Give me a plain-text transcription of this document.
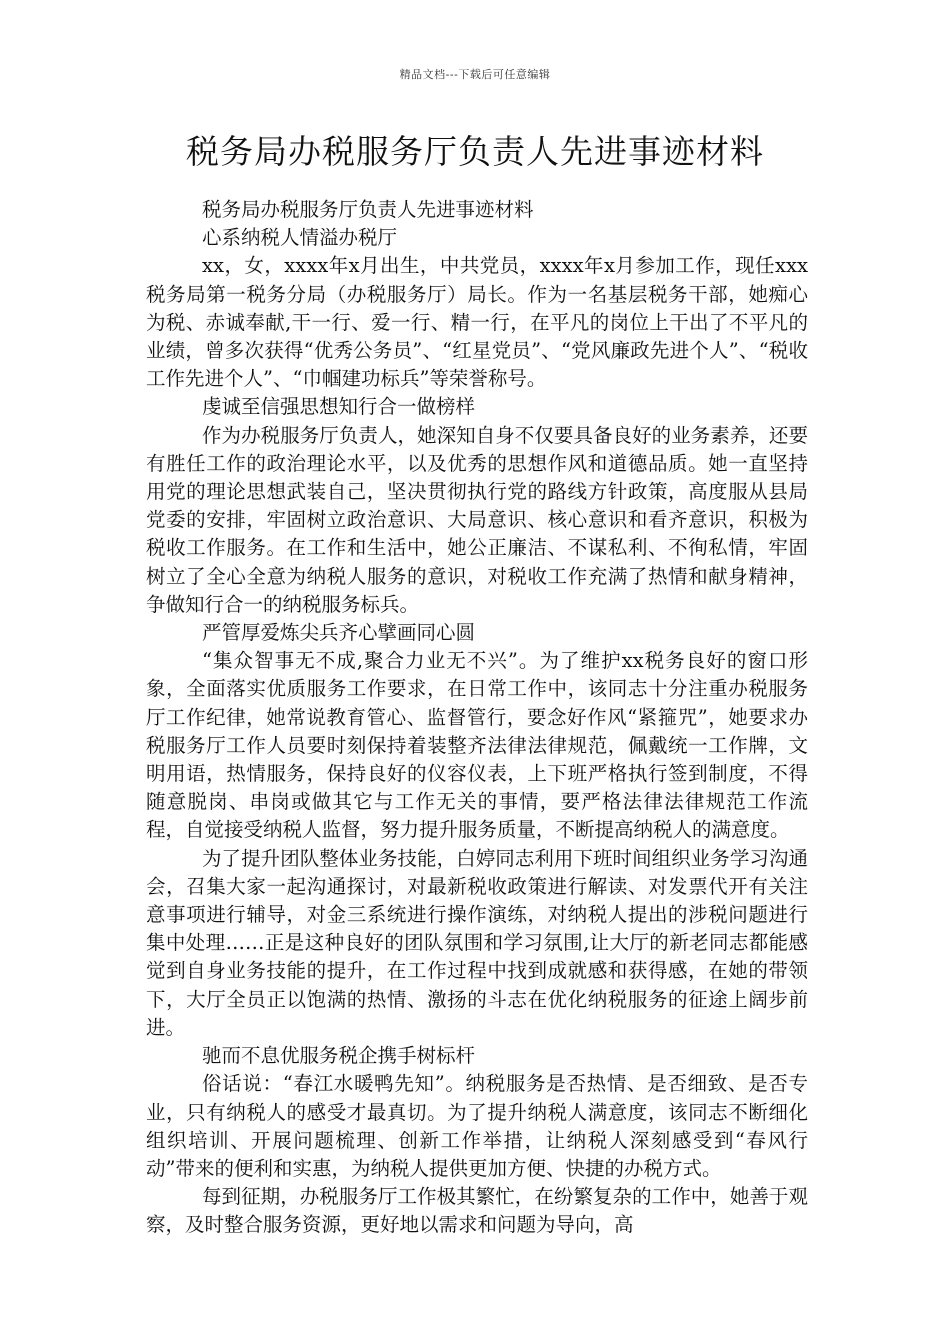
精品文档---下载后可任意编辑
税务局办税服务厅负责人先进事迹材料

税务局办税服务厅负责人先进事迹材料

心系纳税人情溢办税厅

xx，女，xxxx年x月出生，中共党员，xxxx年x月参加工作，现任xxx税务局第一税务分局（办税服务厅）局长。作为一名基层税务干部，她痴心为税、赤诚奉献,干一行、爱一行、精一行，在平凡的岗位上干出了不平凡的业绩，曾多次获得“优秀公务员”、“红星党员”、“党风廉政先进个人”、“税收工作先进个人”、“巾帼建功标兵”等荣誉称号。

虔诚至信强思想知行合一做榜样

作为办税服务厅负责人，她深知自身不仅要具备良好的业务素养，还要有胜任工作的政治理论水平，以及优秀的思想作风和道德品质。她一直坚持用党的理论思想武装自己，坚决贯彻执行党的路线方针政策，高度服从县局党委的安排，牢固树立政治意识、大局意识、核心意识和看齐意识，积极为税收工作服务。在工作和生活中，她公正廉洁、不谋私利、不徇私情，牢固树立了全心全意为纳税人服务的意识，对税收工作充满了热情和献身精神，争做知行合一的纳税服务标兵。

严管厚爱炼尖兵齐心擘画同心圆

“集众智事无不成,聚合力业无不兴”。为了维护xx税务良好的窗口形象，全面落实优质服务工作要求，在日常工作中，该同志十分注重办税服务厅工作纪律，她常说教育管心、监督管行，要念好作风“紧箍咒”，她要求办税服务厅工作人员要时刻保持着装整齐法律法律规范，佩戴统一工作牌，文明用语，热情服务，保持良好的仪容仪表，上下班严格执行签到制度，不得随意脱岗、串岗或做其它与工作无关的事情，要严格法律法律规范工作流程，自觉接受纳税人监督，努力提升服务质量，不断提高纳税人的满意度。

为了提升团队整体业务技能，白婷同志利用下班时间组织业务学习沟通会，召集大家一起沟通探讨，对最新税收政策进行解读、对发票代开有关注意事项进行辅导，对金三系统进行操作演练，对纳税人提出的涉税问题进行集中处理……正是这种良好的团队氛围和学习氛围,让大厅的新老同志都能感觉到自身业务技能的提升，在工作过程中找到成就感和获得感，在她的带领下，大厅全员正以饱满的热情、激扬的斗志在优化纳税服务的征途上阔步前进。

驰而不息优服务税企携手树标杆

俗话说：“春江水暖鸭先知”。纳税服务是否热情、是否细致、是否专业，只有纳税人的感受才最真切。为了提升纳税人满意度，该同志不断细化组织培训、开展问题梳理、创新工作举措，让纳税人深刻感受到“春风行动”带来的便利和实惠，为纳税人提供更加方便、快捷的办税方式。

每到征期，办税服务厅工作极其繁忙，在纷繁复杂的工作中，她善于观察，及时整合服务资源，更好地以需求和问题为导向，高
